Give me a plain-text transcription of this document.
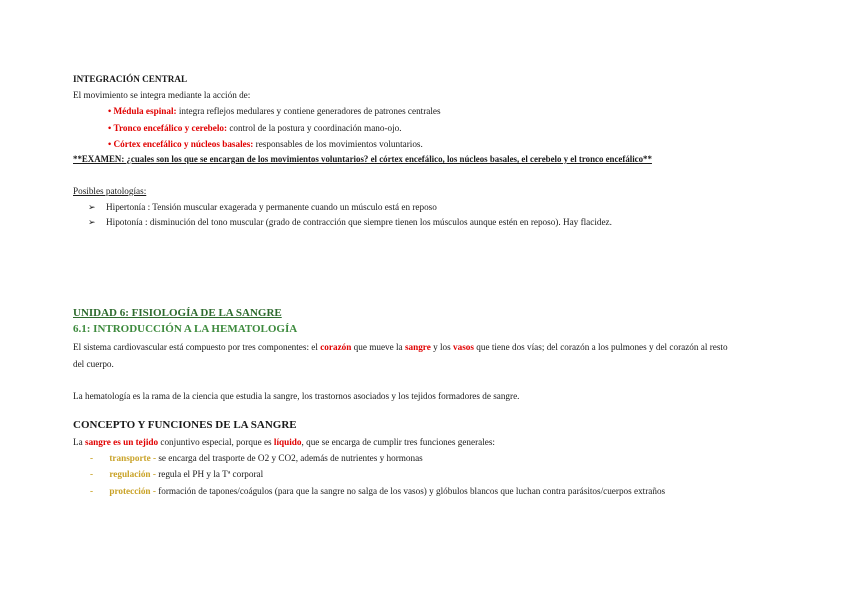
INTEGRACIÓN CENTRAL
El movimiento se integra mediante la acción de:
• Médula espinal: integra reflejos medulares y contiene generadores de patrones centrales
• Tronco encefálico y cerebelo: control de la postura y coordinación mano-ojo.
• Córtex encefálico y núcleos basales: responsables de los movimientos voluntarios.
**EXAMEN: ¿cuales son los que se encargan de los movimientos voluntarios? el córtex encefálico, los núcleos basales, el cerebelo y el tronco encefálico**
Posibles patologías:
➢ Hipertonía : Tensión muscular exagerada y permanente cuando un músculo está en reposo
➢ Hipotonía : disminución del tono muscular (grado de contracción que siempre tienen los músculos aunque estén en reposo). Hay flacidez.
UNIDAD 6: FISIOLOGÍA DE LA SANGRE
6.1: INTRODUCCIÓN A LA HEMATOLOGÍA
El sistema cardiovascular está compuesto por tres componentes: el corazón que mueve la sangre y los vasos que tiene dos vías; del corazón a los pulmones y del corazón al resto
del cuerpo.
La hematología es la rama de la ciencia que estudia la sangre, los trastornos asociados y los tejidos formadores de sangre.
CONCEPTO Y FUNCIONES DE LA SANGRE
La sangre es un tejido conjuntivo especial, porque es líquido, que se encarga de cumplir tres funciones generales:
- transporte - se encarga del trasporte de O2 y CO2, además de nutrientes y hormonas
- regulación - regula el PH y la Tª corporal
- protección - formación de tapones/coágulos (para que la sangre no salga de los vasos) y glóbulos blancos que luchan contra parásitos/cuerpos extraños
